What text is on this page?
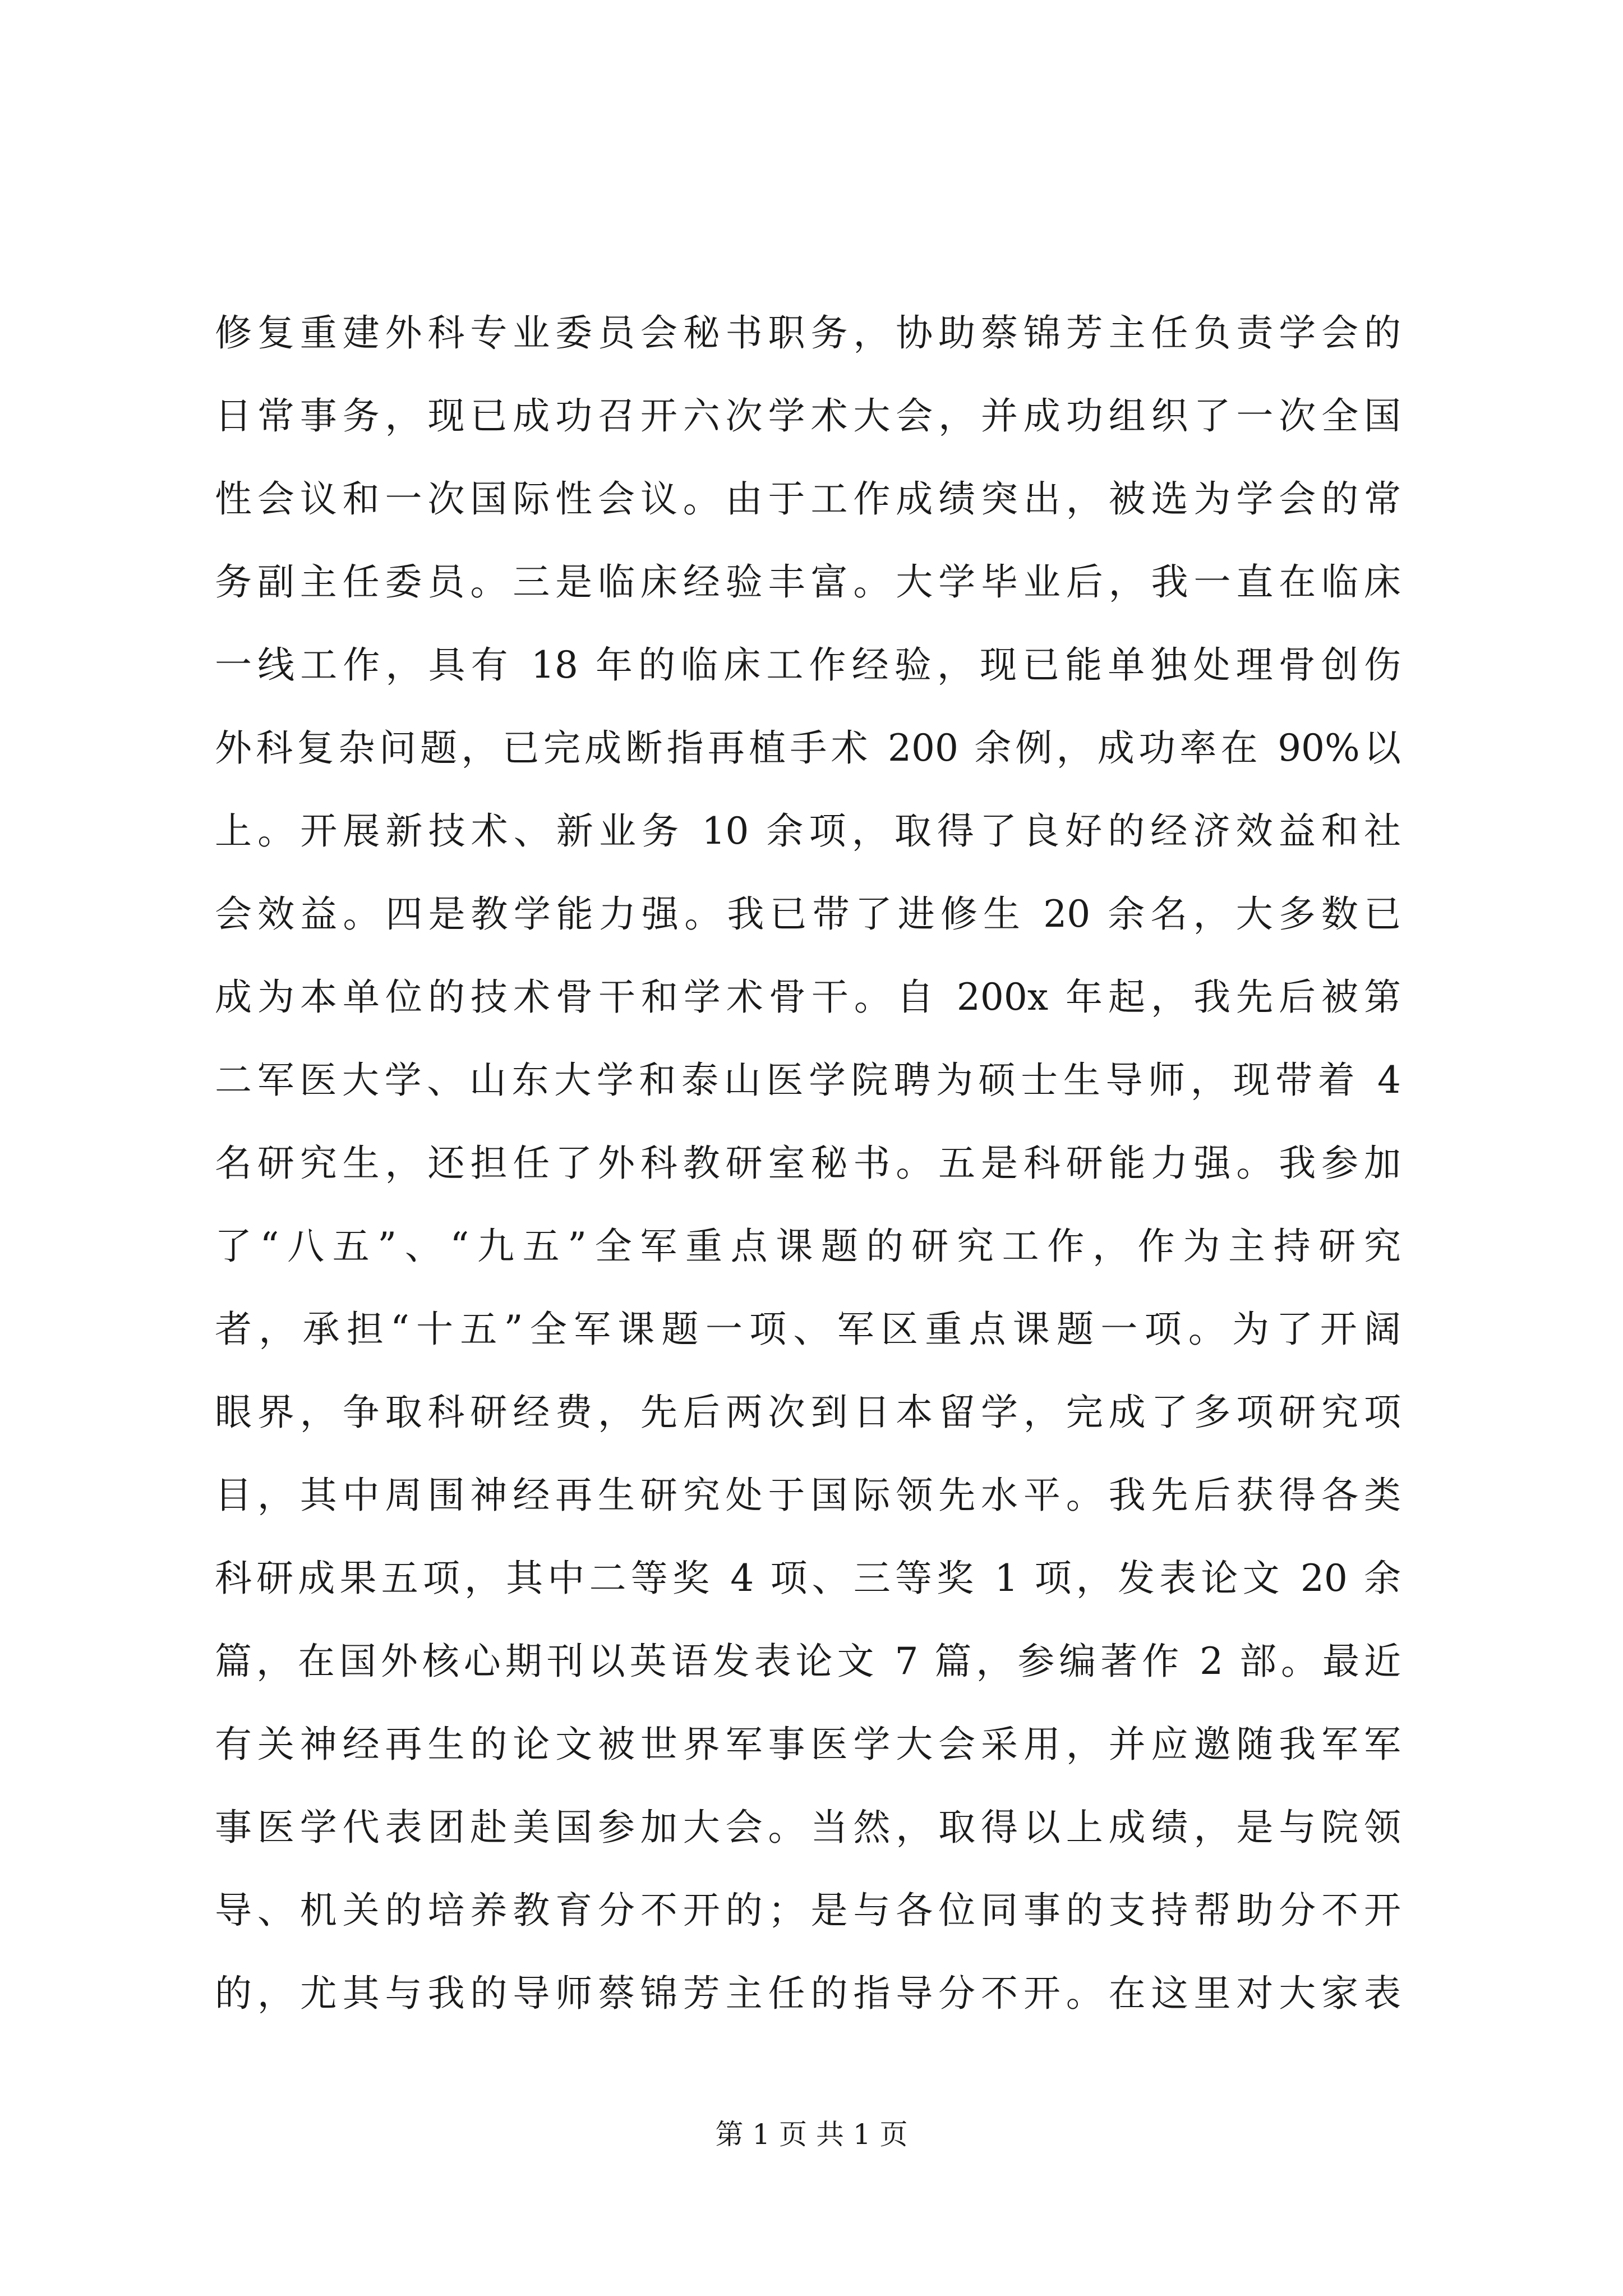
修复重建外科专业委员会秘书职务，协助蔡锦芳主任负责学会的
日常事务，现已成功召开六次学术大会，并成功组织了一次全国
性会议和一次国际性会议。由于工作成绩突出，被选为学会的常
务副主任委员。三是临床经验丰富。大学毕业后，我一直在临床
一线工作，具有 18 年的临床工作经验，现已能单独处理骨创伤
外科复杂问题，已完成断指再植手术 200 余例，成功率在 90%以
上。开展新技术、新业务 10 余项，取得了良好的经济效益和社
会效益。四是教学能力强。我已带了进修生 20 余名，大多数已
成为本单位的技术骨干和学术骨干。自 200x 年起，我先后被第
二军医大学、山东大学和泰山医学院聘为硕士生导师，现带着 4
名研究生，还担任了外科教研室秘书。五是科研能力强。我参加
了“八五”、“九五”全军重点课题的研究工作，作为主持研究
者，承担“十五”全军课题一项、军区重点课题一项。为了开阔
眼界，争取科研经费，先后两次到日本留学，完成了多项研究项
目，其中周围神经再生研究处于国际领先水平。我先后获得各类
科研成果五项，其中二等奖 4 项、三等奖 1 项，发表论文 20 余
篇，在国外核心期刊以英语发表论文 7 篇，参编著作 2 部。最近
有关神经再生的论文被世界军事医学大会采用，并应邀随我军军
事医学代表团赴美国参加大会。当然，取得以上成绩，是与院领
导、机关的培养教育分不开的；是与各位同事的支持帮助分不开
的，尤其与我的导师蔡锦芳主任的指导分不开。在这里对大家表
第 1 页 共 1 页
